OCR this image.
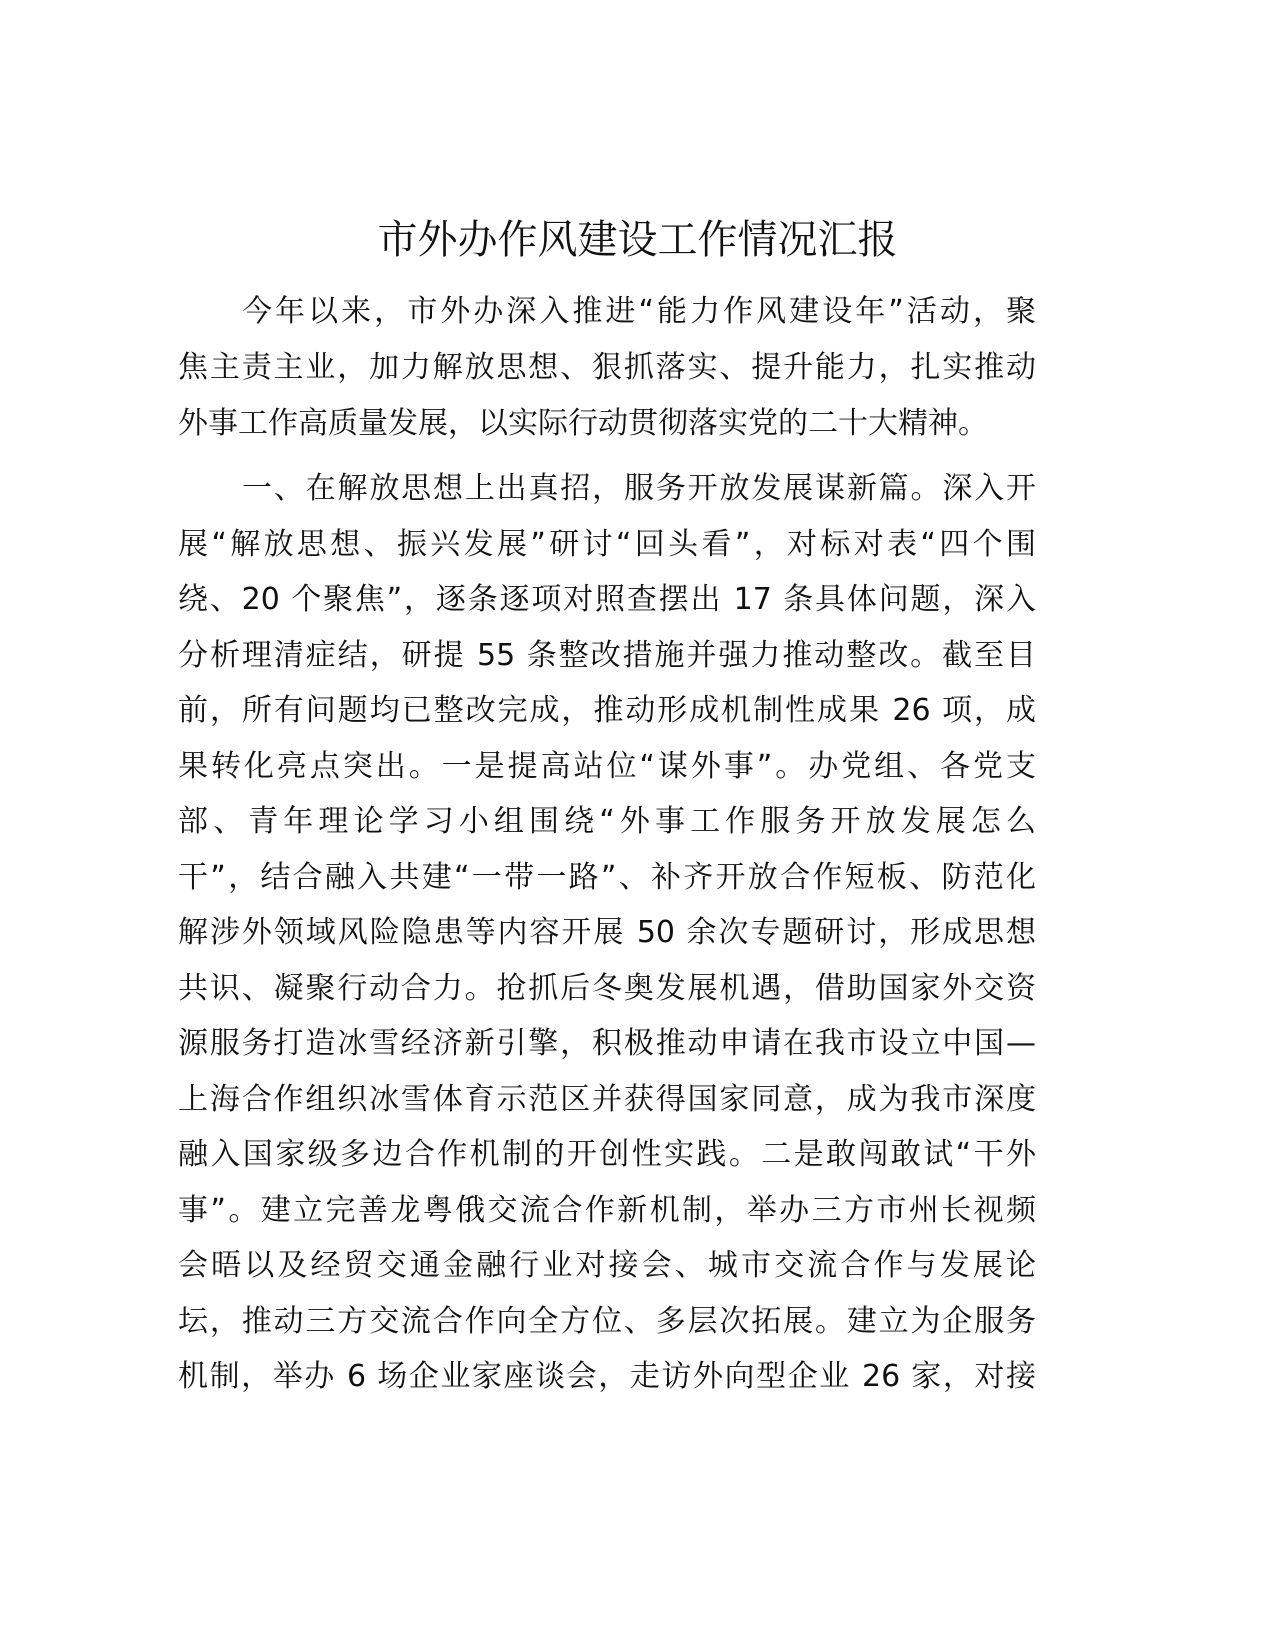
市外办作风建设工作情况汇报
今年以来，市外办深入推进“能力作风建设年”活动，聚
焦主责主业，加力解放思想、狠抓落实、提升能力，扎实推动
外事工作高质量发展，以实际行动贯彻落实党的二十大精神。
一、在解放思想上出真招，服务开放发展谋新篇。深入开
展“解放思想、振兴发展”研讨“回头看”，对标对表“四个围
绕、20 个聚焦”，逐条逐项对照查摆出 17 条具体问题，深入
分析理清症结，研提 55 条整改措施并强力推动整改。截至目
前，所有问题均已整改完成，推动形成机制性成果 26 项，成
果转化亮点突出。一是提高站位“谋外事”。办党组、各党支
部、青年理论学习小组围绕“外事工作服务开放发展怎么
干”，结合融入共建“一带一路”、补齐开放合作短板、防范化
解涉外领域风险隐患等内容开展 50 余次专题研讨，形成思想
共识、凝聚行动合力。抢抓后冬奥发展机遇，借助国家外交资
源服务打造冰雪经济新引擎，积极推动申请在我市设立中国—
上海合作组织冰雪体育示范区并获得国家同意，成为我市深度
融入国家级多边合作机制的开创性实践。二是敢闯敢试“干外
事”。建立完善龙粤俄交流合作新机制，举办三方市州长视频
会晤以及经贸交通金融行业对接会、城市交流合作与发展论
坛，推动三方交流合作向全方位、多层次拓展。建立为企服务
机制，举办 6 场企业家座谈会，走访外向型企业 26 家，对接
